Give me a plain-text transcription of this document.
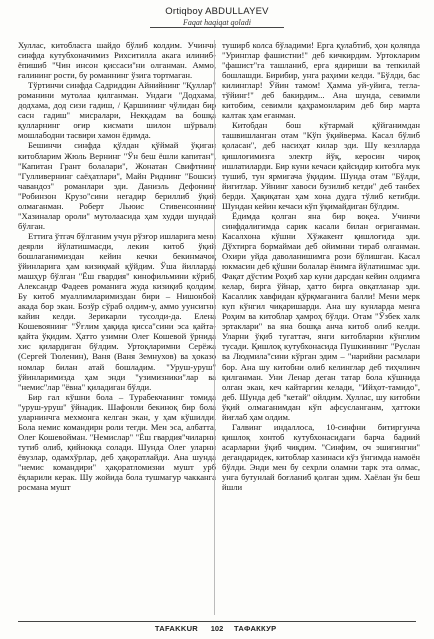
Ortiqboy ABDULLAYEV
Faqat haqiqat qoladi

Хуллас, китобласга шайдо бўлиб колдим. Учинчи синфда кутубхоначимиз Рихситилла акага илиниб-ёпишиб "Чин инсон қиссаси"ни олганман. Аммо, ғалининг рости, бу романнинг ўзига тортмаган.

Тўртинчи синфда Садриддин Айнийнинг "Қуллар" романини мутолаа қилганман. Ундаги "Додхама, додхама, дод сизи гадиш, / Қаршининг чўлидан бир сасн гадиш" мисралари, Некқадам ва бошқа қулларнинг оғир кисмати шилон шўрвали мошлабодни тасвири хамон ёдимда.

Бешинчи синфда қўлдан қўймай ўқиган китобларим Жюль Вернинг "Ўн беш ёшли капитан", "Капитан Грант болалари", Жонатан Свифтнинг "Гулливернинг саёҳатлари", Майн Риднинг "Бошсиз чавандоз" романлари эди. Даниэль Дефонинг "Робинзон Крузо"сини негадир бериллиб ўқий олмаганман. Роберт Льюис Стивенсоннинг "Хазиналар ороли" мутолаасида ҳам худди шундай бўлган.

Еттига ўтгач бўлганим учун рўзғор ишларига мени деярли йўлатишмасди, лекин китоб ўқий бошлаганимиздан кейин кечки бекинмачоқ ўйинларига ҳам кизиқмай қўйдим. Ўша йилларда машҳур бўлган "Ёш гвардия" кинофильмини кўриб, Александр Фадеев романига жуда кизиқиб қолдим. Бу китоб муаллимларимиздан бири – Нишонбой акада бор экан. Бозўр сўраб олдим-у, аммо уунсигни кайин келди. Зерикарли тусолди-да. Елена Кошевоянинг "Ўғлим ҳақида қисса"сини эса қайта-қайта ўқидим. Ҳатто узимни Олег Кошевой ўрнида хис қилардиган бўлдим. Уртоқларимни Серёжа (Сергей Тюленин), Ваня (Ваня Земнухов) ва ҳоказо номлар билан атай бошладим. "Уруш-уруш" ўйинларимизда ҳам энди "узимизники"лар ва "немис"лар "ёвна" қиладиган бўлди.

Бир гал кўшни бола – Турабекчанинг томида "уруш-уруш" ўйнадик. Шафонли бекиноқ бир бола уларнинчга мехмонга келган экан, у ҳам кўшилди. Бола немис командирн роли тегди. Мен эса, албатта, Олег Кошевойман. "Немислар" "Ёш гвардия"чиларни тутиб олиб, қийнокқа солади. Шунда Олег уларни ёвузлар, одамхўрлар, деб ҳақоратлайди. Ана шунда "немис командири" ҳақоратломизни мушт урб ёқларили керак. Шу жойида бола тушмагур чакканга росмана мушт

туширб колса бўладими! Ерга қулабтиб, ҳон қоляпда "Уринглар фашистни!" деб кичкирдим. Уртокларим "фашист"га ташланиб, ерга ядириши ва тепкилай бошлашди. Бирибир, унга раҳими келди. "Бўлди, бас килинглар! Ўйин тамом! Ҳамма уй-уйига, тегла-тўйинг!" деб бакирдим... Ана шунда, севимли китобим, севимли қаҳрамонларим деб бир марта калтак ҳам еганман.

Китобдан бош кўтармай қўйганимдан ташвишланган отам "Кўп ўқийверма. Касал бўлиб қоласан", деб насиҳат килар эди. Шу кезлларда қишлоғимизга электр йўқ, керосин чироқ ишлатиларди. Бир куни кечаси қайсидир китобга мук тушиб, тун ярмигача ўқидим. Шунда отам "Бўлди, йигитлар. Уйнинг хавоси бузилиб кетди" деб танбех берди. Ҳақиқатан ҳам хона дудга тўлиб кетибди. Шундан кейин кечаси кўп ўқимайдиган бўлдим.

Ёдимда қолган яна бир воқеа. Учинчи синфдалигимда сарик касали билан оғриганман. Касалхона кўшни Хўжакент қишлоғида эди. Дўхтирга бормаймаи деб ойимнни тираб олганман. Охири уйда даволанишимга рози бўлишган. Касал юкмасин деб қўшни болалар ёнимга йўлатишмас эди. Фақат дўстим Роҳиб хар куни дарсдан кейин олдимга келар, бирга ўйнар, ҳатто бирга овқатланар эди. Касаллик хавфидан қўрқмаганига балли! Мени мерк куп кўнгил чиқаришарди. Ана шу кунларда менга Роҳим ва китоблар ҳамроҳ бўлди. Отам "Ўзбек халк эртаклари" ва яна бошқа анча китоб олиб келди. Уларни ўқиб тугаттач, янги китобларни кўнглим тусади. Қишлоқ кутубхонасида Пушкиннинг "Руслан ва Людмила"сини кўрган эдим – "нарийни расмлари бор. Ана шу китобни олиб келинглар деб тиҳчлинч қилганман. Уни Ленар деган татар бола кўшнида олган экан, кеч кайтаргин келади, "Ийҳот-тамидо", деб. Шунда деб "кетай" ойлдим. Хуллас, шу китобни ўқий олмаганимдан кўп афсусланганм, ҳаттоки йиғлаб ҳам олдим.

Галвинг индаллоса, 10-синфни битиргунча қишлоқ хонтоб кутубхонасидаги барча бадиий асарларни ўқиб чиқдим. "Синфим, оч эшигингни" дегандаридек, китоблар хазинаси кўз ўнгимда намоён бўлди. Энди мен бу сехрли оламни тарк эта олмас, унга бутунлай боғланиб қолган эдим. Хаёлан ўн беш йшли

TAFAKKUR	102	ТАФАККУР
